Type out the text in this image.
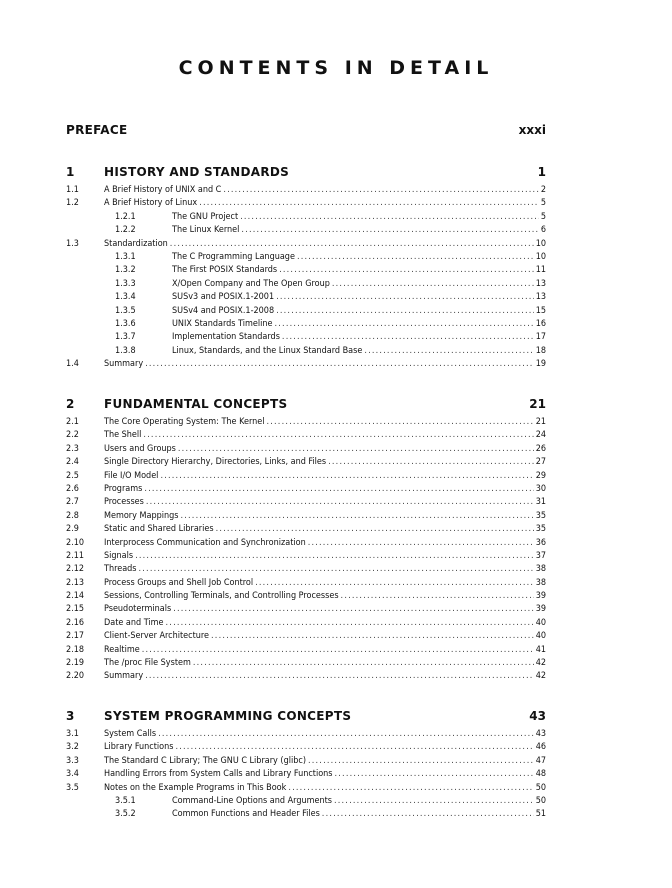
CONTENTS IN DETAIL
PREFACE	xxxi
1 HISTORY AND STANDARDS	1
1.1	A Brief History of UNIX and C .....	2
1.2	A Brief History of Linux .....	5
1.2.1	The GNU Project .....	5
1.2.2	The Linux Kernel .....	6
1.3	Standardization .....	10
1.3.1	The C Programming Language .....	10
1.3.2	The First POSIX Standards .....	11
1.3.3	X/Open Company and The Open Group .....	13
1.3.4	SUSv3 and POSIX.1-2001 .....	13
1.3.5	SUSv4 and POSIX.1-2008 .....	15
1.3.6	UNIX Standards Timeline .....	16
1.3.7	Implementation Standards .....	17
1.3.8	Linux, Standards, and the Linux Standard Base .....	18
1.4	Summary .....	19
2 FUNDAMENTAL CONCEPTS	21
2.1	The Core Operating System: The Kernel .....	21
2.2	The Shell .....	24
2.3	Users and Groups .....	26
2.4	Single Directory Hierarchy, Directories, Links, and Files .....	27
2.5	File I/O Model .....	29
2.6	Programs .....	30
2.7	Processes .....	31
2.8	Memory Mappings .....	35
2.9	Static and Shared Libraries .....	35
2.10 Interprocess Communication and Synchronization .....	36
2.11 Signals .....	37
2.12 Threads .....	38
2.13 Process Groups and Shell Job Control .....	38
2.14 Sessions, Controlling Terminals, and Controlling Processes .....	39
2.15 Pseudoterminals .....	39
2.16 Date and Time .....	40
2.17 Client-Server Architecture .....	40
2.18 Realtime .....	41
2.19 The /proc File System .....	42
2.20 Summary .....	42
3 SYSTEM PROGRAMMING CONCEPTS	43
3.1	System Calls .....	43
3.2	Library Functions .....	46
3.3	The Standard C Library; The GNU C Library (glibc) .....	47
3.4	Handling Errors from System Calls and Library Functions .....	48
3.5	Notes on the Example Programs in This Book .....	50
3.5.1	Command-Line Options and Arguments .....	50
3.5.2	Common Functions and Header Files .....	51
